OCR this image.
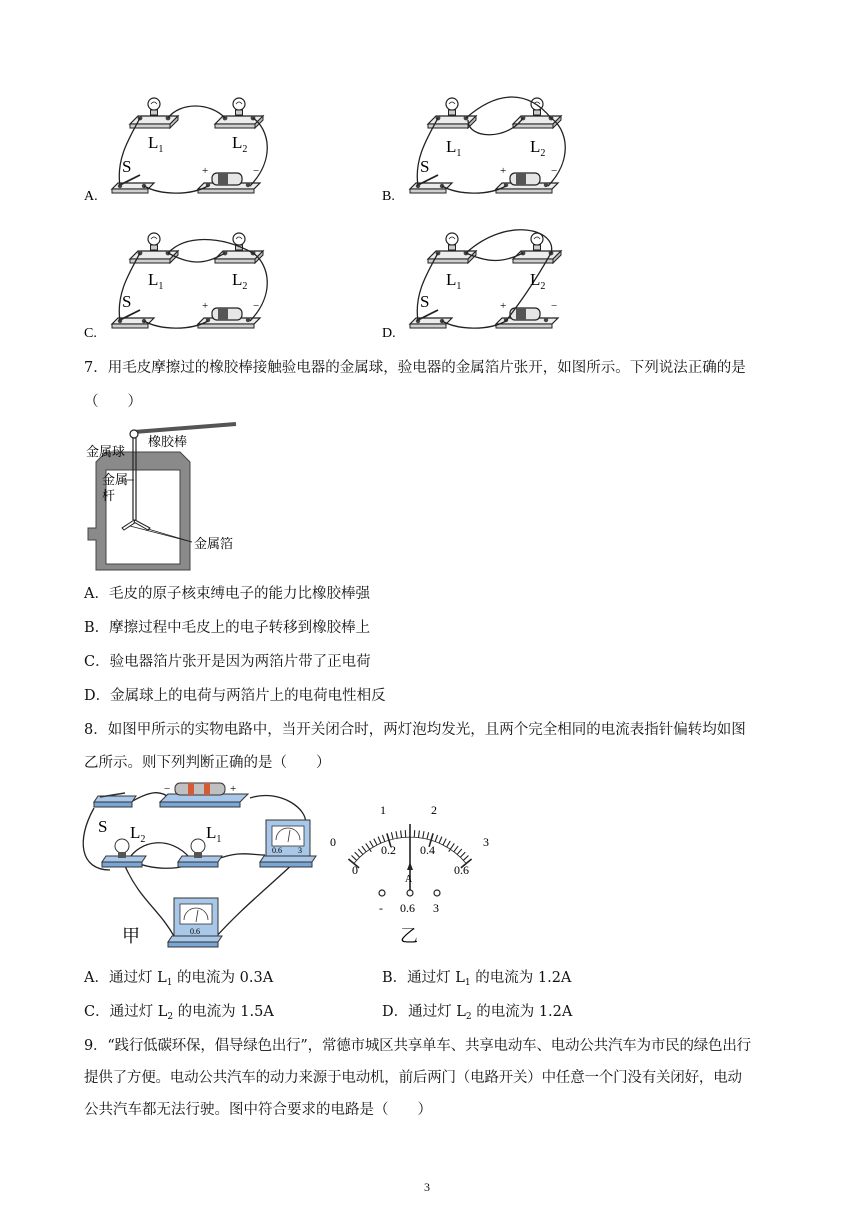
$L_1$	$L_2$
S	+	−
A.
$L_1$	$L_2$
S	+	−
B.
$L_1$	$L_2$
S	+	−
C.
$L_1$	$L_2$
S	+	−
D.
7．用毛皮摩擦过的橡胶棒接触验电器的金属球，验电器的金属箔片张开，如图所示。下列说法正确的是
（　　）
金属球
橡胶棒
金属
杆
金属箔
A．毛皮的原子核束缚电子的能力比橡胶棒强
B．摩擦过程中毛皮上的电子转移到橡胶棒上
C．验电器箔片张开是因为两箔片带了正电荷
D．金属球上的电荷与两箔片上的电荷电性相反
8．如图甲所示的实物电路中，当开关闭合时，两灯泡均发光，且两个完全相同的电流表指针偏转均如图
乙所示。则下列判断正确的是（　　）
−	+
0.6 3
0.6
S $L_2$	$L_1$
甲
A
0
1	2
3
0
0.2 0.4
0.6
- 0.6 3
乙
A．通过灯 $L_1$ 的电流为 0.3A	B．通过灯 $L_1$ 的电流为 1.2A
C．通过灯 $L_2$ 的电流为 1.5A	D．通过灯 $L_2$ 的电流为 1.2A
9．“践行低碳环保，倡导绿色出行”，常德市城区共享单车、共享电动车、电动公共汽车为市民的绿色出行
提供了方便。电动公共汽车的动力来源于电动机，前后两门（电路开关）中任意一个门没有关闭好，电动
公共汽车都无法行驶。图中符合要求的电路是（　　）
3
